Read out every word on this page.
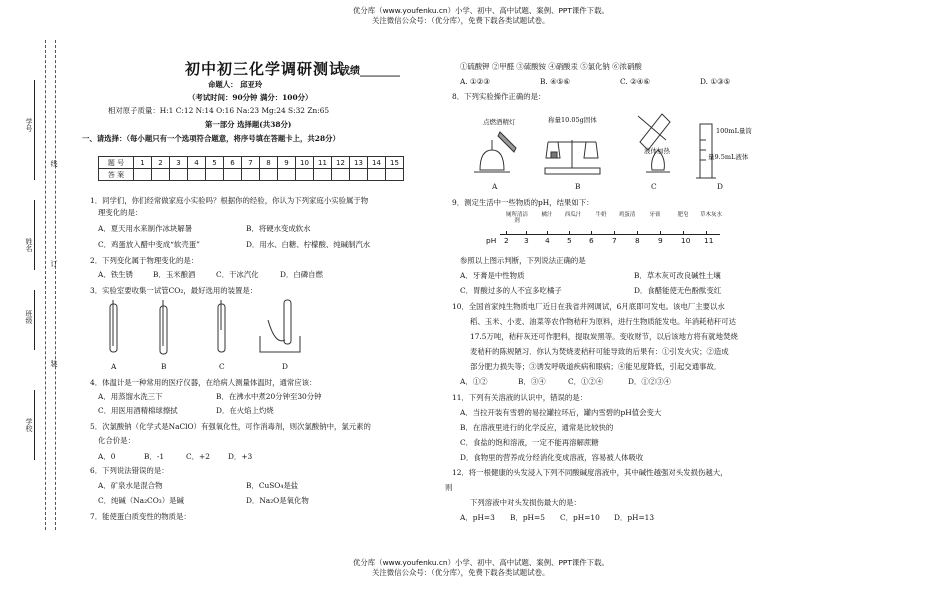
优分库（www.youfenku.cn）小学、初中、高中试题、案例、PPT课件下载。
关注微信公众号：（优分库），免费下载各类试题试卷。
学号
姓名
班级
学校
线
订
装
初中初三化学调研测试
成绩________
命题人： 邱亚玲
（考试时间：90分钟 满分：100分）
相对原子质量：H:1 C:12 N:14 O:16 Na:23 Mg:24 S:32 Zn:65
第一部分 选择题(共38分)
一、请选择：（每小题只有一个选项符合题意，将序号填在答题卡上，共28分）
题 号	1	2	3	4	5	6	7	8	9	10	11	12	13	14	15
答 案															
1．同学们，你们经常做家庭小实验吗？根据你的经验，你认为下列家庭小实验属于物
理变化的是：
A．夏天用水来制作冰块解暑	B．将硬水变成软水
C．鸡蛋放入醋中变成“软壳蛋”	D．用水、白糖、柠檬酸、纯碱制汽水
2．下列变化属于物理变化的是：
A．铁生锈	B．玉米酿酒	C．干冰汽化	D．白磷自燃
3．实验室要收集一试管CO₂，最好选用的装置是：
A	B	C	D
4．体温计是一种常用的医疗仪器，在给病人测量体温时，通常应该：
A．用蒸馏水洗三下	B．在沸水中煮20分钟至30分钟
C．用医用酒精棉球擦拭	D．在火焰上灼烧
5．次氯酸钠（化学式是NaClO）有强氧化性，可作消毒剂，则次氯酸钠中，氯元素的
化合价是：
A．0	B．-1	C．+2 D．+3
6．下列说法错误的是：
A．矿泉水是混合物	B．CuSO₄是盐
C．纯碱（Na₂CO₃）是碱	D．Na₂O是氧化物
7．能使蛋白质变性的物质是：
①硫酸钾 ②甲醛 ③硫酸铵 ④硝酸汞 ⑤氯化钠 ⑥浓硝酸
A. ①②③	B. ④⑤⑥	C. ②④⑥	D. ①③⑤
8．下列实验操作正确的是：
点燃酒精灯	称量10.05g固体
液体加热
100mL量筒
量9.5mL液体
A	B	C	D
9．测定生活中一些物质的pH，结果如下：
厕所清洁剂
橘汁	西瓜汁	牛奶	鸡蛋清	牙膏	肥皂	草木灰水
pH 2 3 4 5 6 7 8 9 10 11
参照以上图示判断，下列说法正确的是
A．牙膏是中性物质	B．草木灰可改良碱性土壤
C．胃酸过多的人不宜多吃橘子	D．食醋能使无色酚酞变红
10．全国首家纯生物质电厂近日在我省并网调试，6月底即可发电。该电厂主要以水
稻、玉米、小麦、油菜等农作物秸秆为原料，进行生物质能发电。年消耗秸秆可达
17.5万吨，秸秆灰还可作肥料，提取炭黑等。变收财节，以后该地方将有就地焚烧
麦秸秆的陈规陋习．你认为焚烧麦秸秆可能导致的后果有：①引发火灾；②造成
部分肥力损失等；③诱发呼吸道疾病和眼病；④能见度降低，引起交通事故．
A．①②	B．③④	C．①②④	D．①②③④
11．下列有关溶液的认识中，错误的是：
A．当拉开装有雪碧的易拉罐拉环后，罐内雪碧的pH值会变大
B．在溶液里进行的化学反应，通常是比较快的
C．食盐的饱和溶液，一定不能再溶解蔗糖
D．食物里的营养成分经消化变成溶液，容易被人体吸收
12．将一根健康的头发浸入下列不同酸碱度溶液中，其中碱性越强对头发损伤越大，
则
下列溶液中对头发损伤最大的是：
A．pH=3 B．pH=5 C．pH=10 D．pH=13
优分库（www.youfenku.cn）小学、初中、高中试题、案例、PPT课件下载。
关注微信公众号：（优分库），免费下载各类试题试卷。
